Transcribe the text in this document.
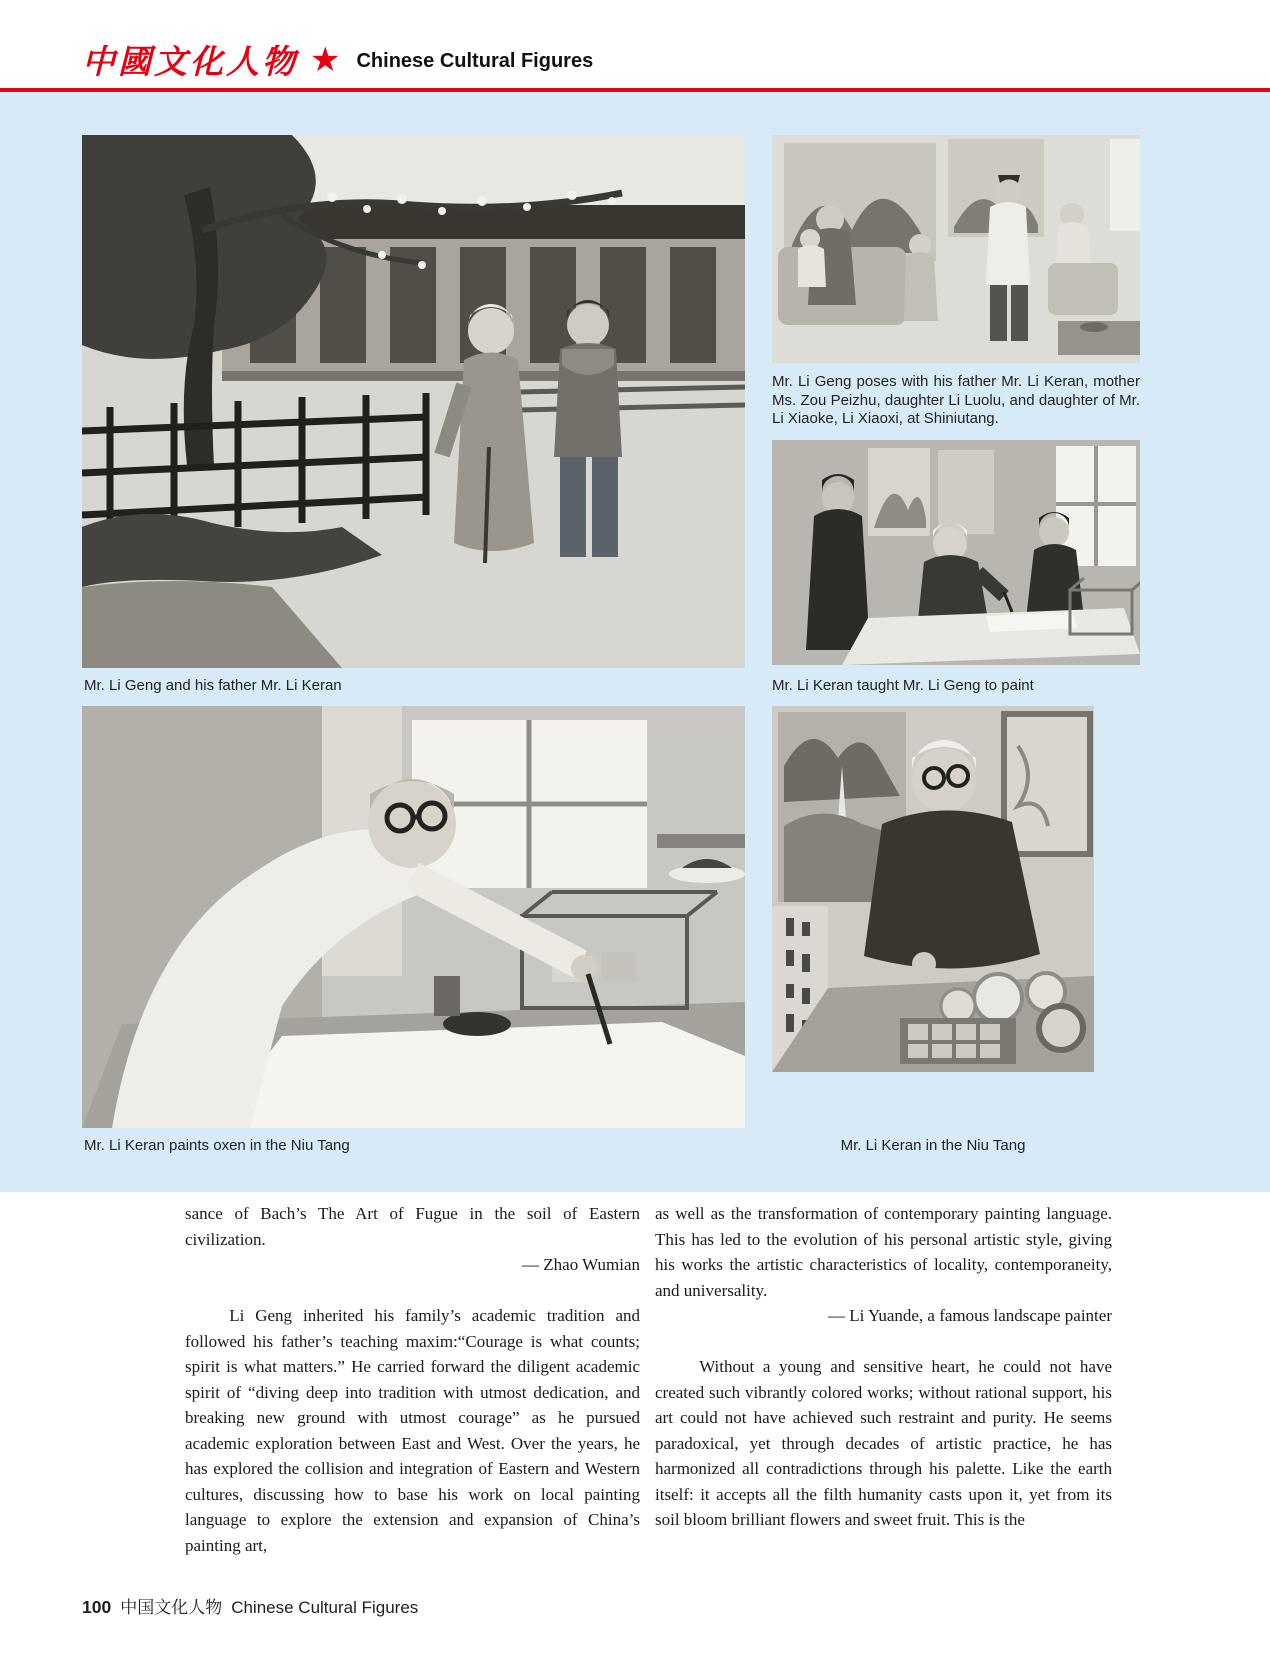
中國文化人物 ★ Chinese Cultural Figures
Mr. Li Geng poses with his father Mr. Li Keran, mother Ms. Zou Peizhu, daughter Li Luolu, and daughter of Mr. Li Xiaoke, Li Xiaoxi, at Shiniutang.
Mr. Li Keran taught Mr. Li Geng to paint
Mr. Li Geng and his father Mr. Li Keran
Mr. Li Keran paints oxen in the Niu Tang	Mr. Li Keran in the Niu Tang

sance of Bach’s The Art of Fugue in the soil of Eastern civilization.

— Zhao Wumian

Li Geng inherited his family’s academic tradition and followed his father’s teaching maxim:“Courage is what counts; spirit is what matters.” He carried forward the diligent academic spirit of “diving deep into tradition with utmost dedication, and breaking new ground with utmost courage” as he pursued academic exploration between East and West. Over the years, he has explored the collision and integration of Eastern and Western cultures, discussing how to base his work on local painting language to explore the extension and expansion of China’s painting art,

as well as the transformation of contemporary painting language. This has led to the evolution of his personal artistic style, giving his works the artistic characteristics of locality, contemporaneity, and universality.

— Li Yuande, a famous landscape painter

Without a young and sensitive heart, he could not have created such vibrantly colored works; without rational support, his art could not have achieved such restraint and purity. He seems paradoxical, yet through decades of artistic practice, he has harmonized all contradictions through his palette. Like the earth itself: it accepts all the filth humanity casts upon it, yet from its soil bloom brilliant flowers and sweet fruit. This is the

100 中国文化人物 Chinese Cultural Figures
